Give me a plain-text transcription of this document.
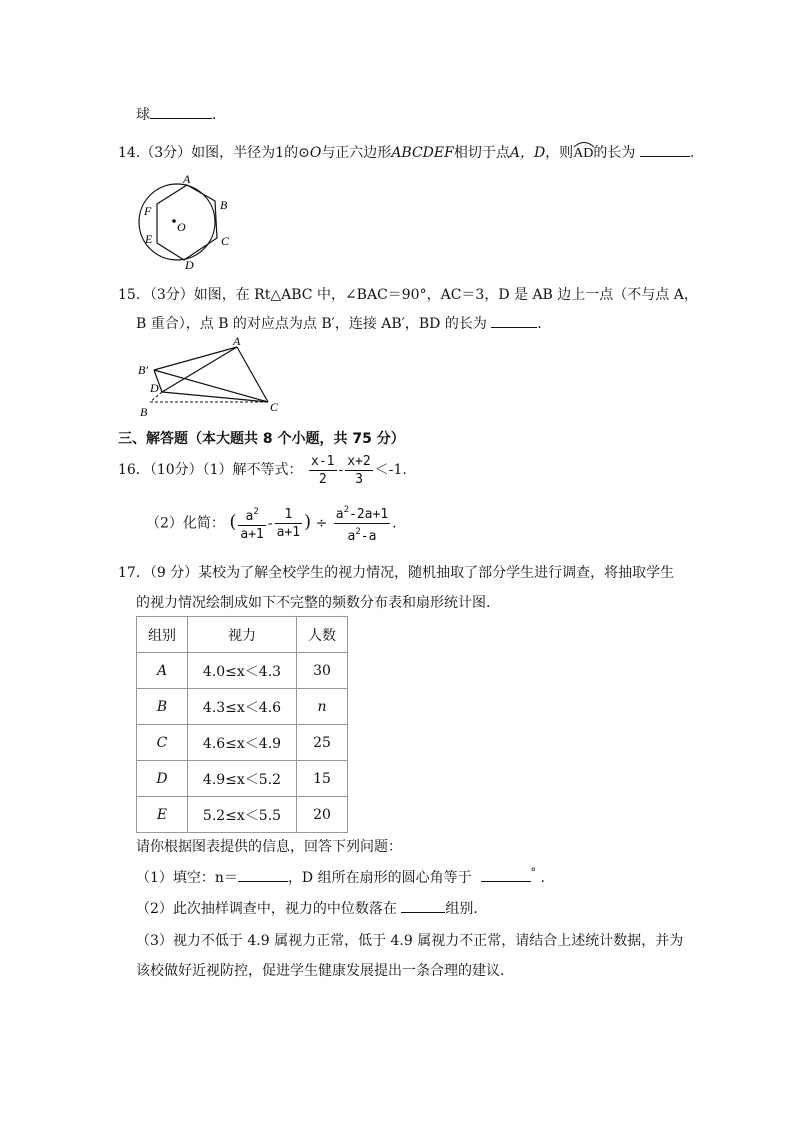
球	.
14.（3分）如图，半径为1的⊙O与正六边形ABCDEF相切于点A，D，则
AD的长为	.
A
B
C
D
E
F
O
15．（3分）如图，在 Rt△ABC 中，∠BAC＝90°，AC＝3，D 是 AB 边上一点（不与点 A，
B 重合），点 B 的对应点为点 B′，连接 AB′，BD 的长为	.
A
B′
D
B	C
三、解答题（本大题共 8 个小题，共 75 分）
16．（10分）（1）解不等式： $\frac{x-1}{2} - \frac{x+2}{3} <-1$.
（2）化简： ( $\frac{a^2}{a+1} - \frac{1}{a+1}$ ) ÷ $\frac{a^2-2a+1}{a^2-a}$ .
17．（9 分）某校为了解全校学生的视力情况，随机抽取了部分学生进行调查，将抽取学生
的视力情况绘制成如下不完整的频数分布表和扇形统计图.
组别	视力	人数
A	4.0≤x＜4.3	30
B	4.3≤x＜4.6	n
C	4.6≤x＜4.9	25
D	4.9≤x＜5.2	15
E	5.2≤x＜5.5	20
请你根据图表提供的信息，回答下列问题：
（1）填空：n＝	，D 组所在扇形的圆心角等于	° .
（2）此次抽样调查中，视力的中位数落在	组别.
（3）视力不低于 4.9 属视力正常，低于 4.9 属视力不正常，请结合上述统计数据，并为
该校做好近视防控，促进学生健康发展提出一条合理的建议.
